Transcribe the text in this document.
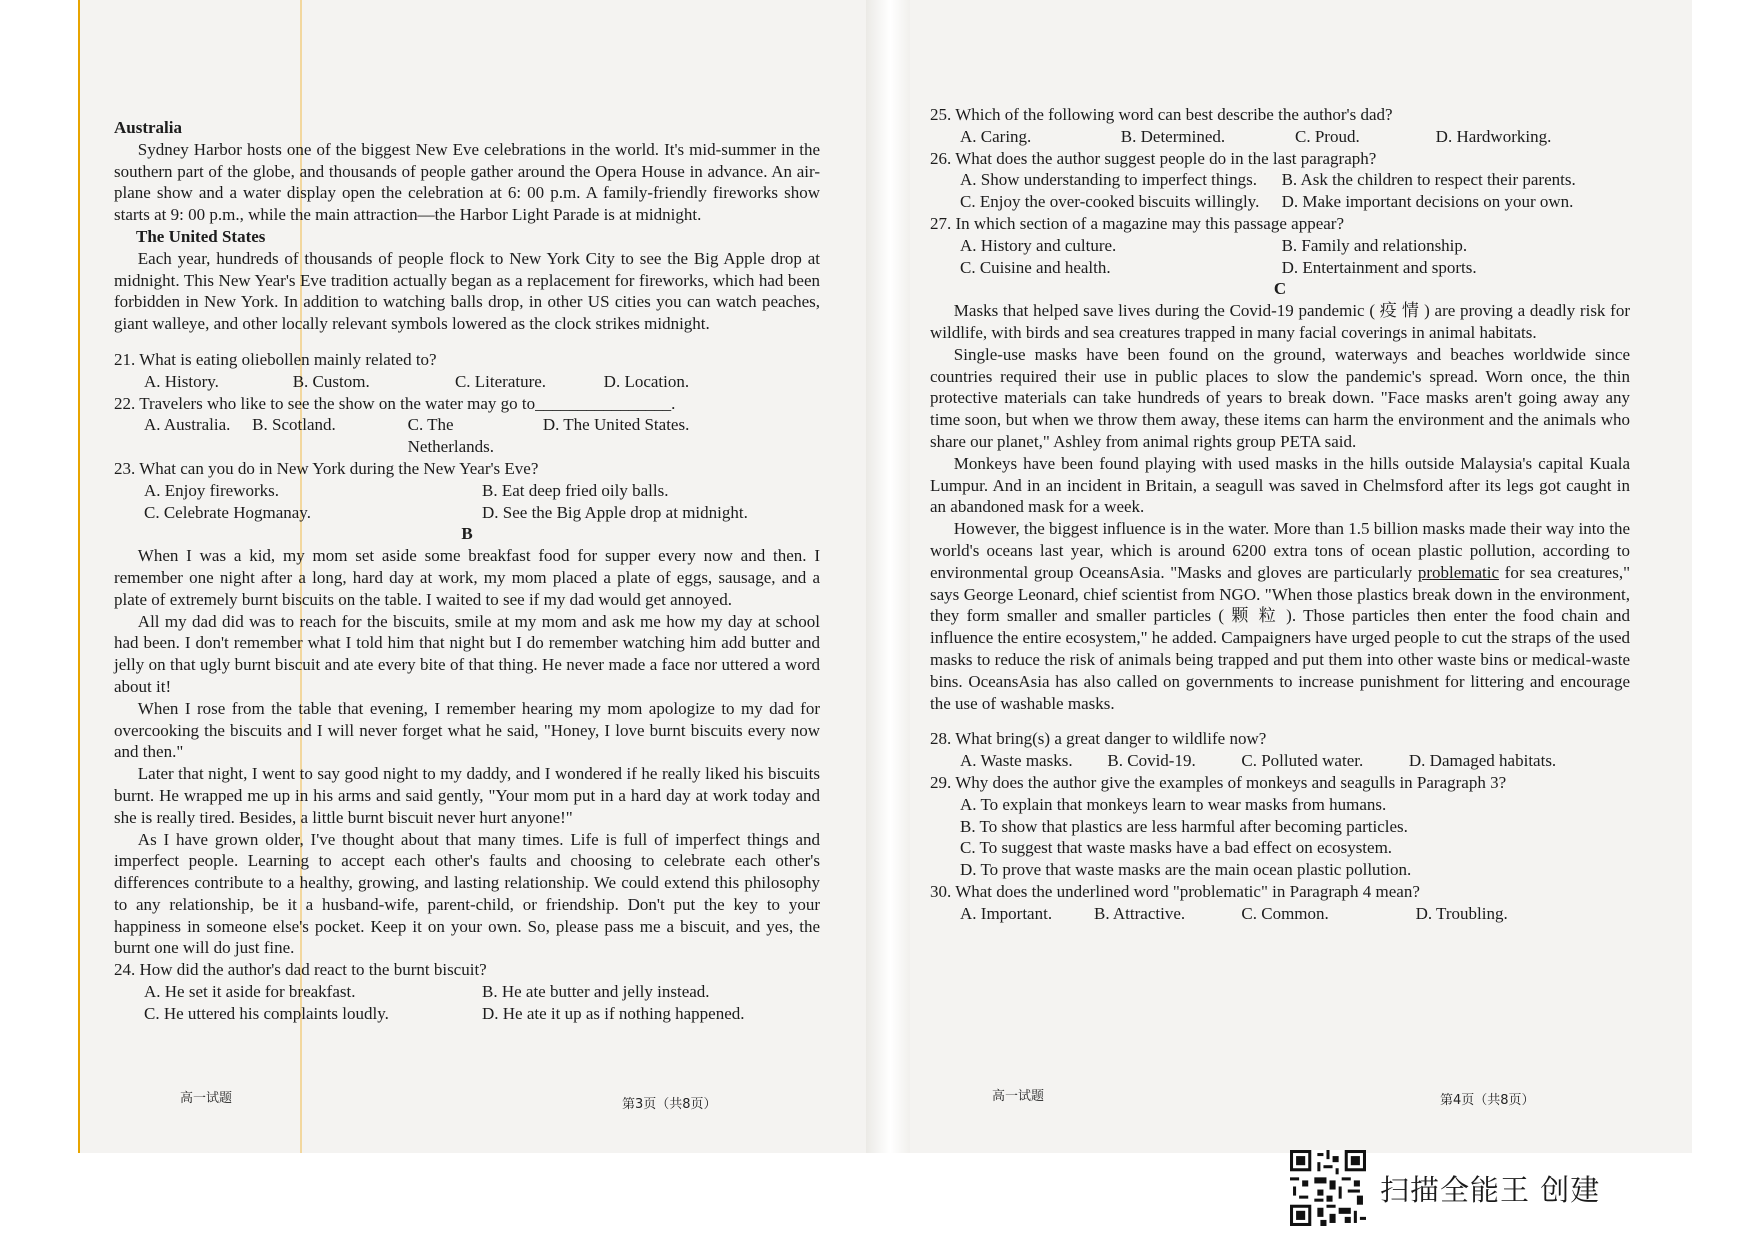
Australia

Sydney Harbor hosts one of the biggest New Eve celebrations in the world. It's mid-summer in the southern part of the globe, and thousands of people gather around the Opera House in advance. An air-plane show and a water display open the celebration at 6: 00 p.m. A family-friendly fireworks show starts at 9: 00 p.m., while the main attraction—the Harbor Light Parade is at midnight.

The United States

Each year, hundreds of thousands of people flock to New York City to see the Big Apple drop at midnight. This New Year's Eve tradition actually began as a replacement for fireworks, which had been forbidden in New York. In addition to watching balls drop, in other US cities you can watch peaches, giant walleye, and other locally relevant symbols lowered as the clock strikes midnight.

21. What is eating oliebollen mainly related to?

A. History.	B. Custom.	C. Literature.	D. Location.

22. Travelers who like to see the show on the water may go to________________.

A. Australia.	B. Scotland.	C. The Netherlands.
D. The United States.

23. What can you do in New York during the New Year's Eve?

A. Enjoy fireworks.	B. Eat deep fried oily balls.
C. Celebrate Hogmanay.	D. See the Big Apple drop at midnight.

B

When I was a kid, my mom set aside some breakfast food for supper every now and then. I remember one night after a long, hard day at work, my mom placed a plate of eggs, sausage, and a plate of extremely burnt biscuits on the table. I waited to see if my dad would get annoyed.

All my dad did was to reach for the biscuits, smile at my mom and ask me how my day at school had been. I don't remember what I told him that night but I do remember watching him add butter and jelly on that ugly burnt biscuit and ate every bite of that thing. He never made a face nor uttered a word about it!

When I rose from the table that evening, I remember hearing my mom apologize to my dad for overcooking the biscuits and I will never forget what he said, "Honey, I love burnt biscuits every now and then."

Later that night, I went to say good night to my daddy, and I wondered if he really liked his biscuits burnt. He wrapped me up in his arms and said gently, "Your mom put in a hard day at work today and she is really tired. Besides, a little burnt biscuit never hurt anyone!"

As I have grown older, I've thought about that many times. Life is full of imperfect things and imperfect people. Learning to accept each other's faults and choosing to celebrate each other's differences contribute to a healthy, growing, and lasting relationship. We could extend this philosophy to any relationship, be it a husband-wife, parent-child, or friendship. Don't put the key to your happiness in someone else's pocket. Keep it on your own. So, please pass me a biscuit, and yes, the burnt one will do just fine.

24. How did the author's dad react to the burnt biscuit?

A. He set it aside for breakfast.	B. He ate butter and jelly instead.
C. He uttered his complaints loudly.	D. He ate it up as if nothing happened.
高一试题	第3页（共8页）

25. Which of the following word can best describe the author's dad?

A. Caring.	B. Determined.	C. Proud.	D. Hardworking.

26. What does the author suggest people do in the last paragraph?

A. Show understanding to imperfect things.	B. Ask the children to respect their parents.
C. Enjoy the over-cooked biscuits willingly.	D. Make important decisions on your own.

27. In which section of a magazine may this passage appear?

A. History and culture.	B. Family and relationship.
C. Cuisine and health.	D. Entertainment and sports.

C

Masks that helped save lives during the Covid-19 pandemic ( 疫 情 ) are proving a deadly risk for wildlife, with birds and sea creatures trapped in many facial coverings in animal habitats.

Single-use masks have been found on the ground, waterways and beaches worldwide since countries required their use in public places to slow the pandemic's spread. Worn once, the thin protective materials can take hundreds of years to break down. "Face masks aren't going away any time soon, but when we throw them away, these items can harm the environment and the animals who share our planet," Ashley from animal rights group PETA said.

Monkeys have been found playing with used masks in the hills outside Malaysia's capital Kuala Lumpur. And in an incident in Britain, a seagull was saved in Chelmsford after its legs got caught in an abandoned mask for a week.

However, the biggest influence is in the water. More than 1.5 billion masks made their way into the world's oceans last year, which is around 6200 extra tons of ocean plastic pollution, according to environmental group OceansAsia. "Masks and gloves are particularly problematic for sea creatures," says George Leonard, chief scientist from NGO. "When those plastics break down in the environment, they form smaller and smaller particles ( 颗 粒 ). Those particles then enter the food chain and influence the entire ecosystem," he added. Campaigners have urged people to cut the straps of the used masks to reduce the risk of animals being trapped and put them into other waste bins or medical-waste bins. OceansAsia has also called on governments to increase punishment for littering and encourage the use of washable masks.

28. What bring(s) a great danger to wildlife now?

A. Waste masks.	B. Covid-19.	C. Polluted water.	D. Damaged habitats.

29. Why does the author give the examples of monkeys and seagulls in Paragraph 3?

A. To explain that monkeys learn to wear masks from humans.
B. To show that plastics are less harmful after becoming particles.
C. To suggest that waste masks have a bad effect on ecosystem.
D. To prove that waste masks are the main ocean plastic pollution.

30. What does the underlined word "problematic" in Paragraph 4 mean?

A. Important.	B. Attractive.	C. Common.	D. Troubling.
高一试题	第4页（共8页）
扫描全能王 创建
